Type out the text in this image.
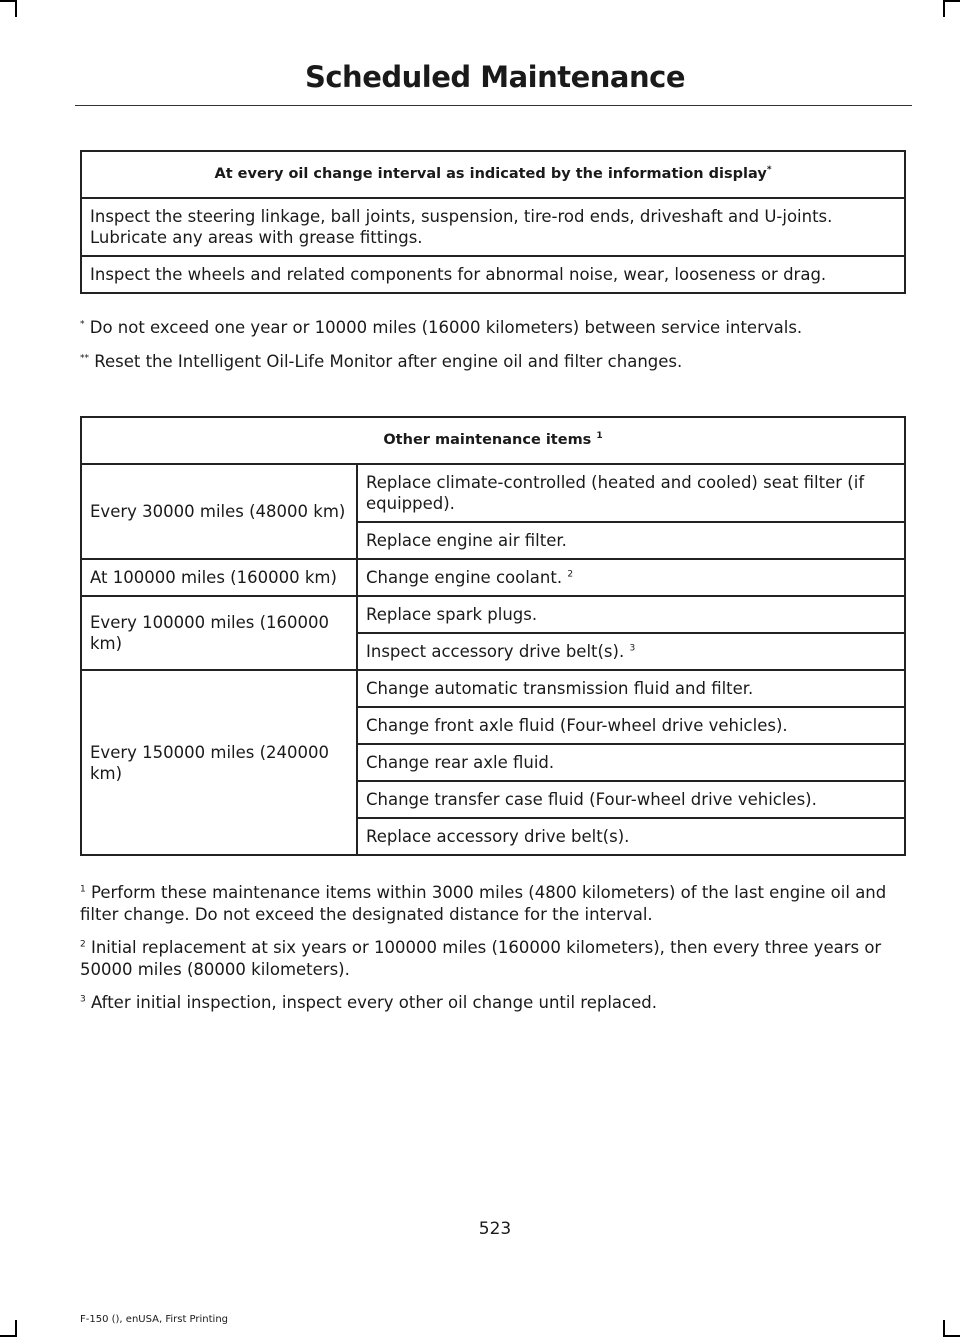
Scheduled Maintenance
At every oil change interval as indicated by the information display*
Inspect the steering linkage, ball joints, suspension, tire-rod ends, driveshaft and U-joints. Lubricate any areas with grease fittings.
Inspect the wheels and related components for abnormal noise, wear, looseness or drag.

* Do not exceed one year or 10000 miles (16000 kilometers) between service intervals.

** Reset the Intelligent Oil-Life Monitor after engine oil and filter changes.

Other maintenance items $^1$
Every 30000 miles (48000 km)	Replace climate-controlled (heated and cooled) seat filter (if equipped).
	Replace engine air filter.
At 100000 miles (160000 km)	Change engine coolant. $^2$
Every 100000 miles (160000 km)	Replace spark plugs.
	Inspect accessory drive belt(s). $^3$
Every 150000 miles (240000 km)	Change automatic transmission fluid and filter.
	Change front axle fluid (Four-wheel drive vehicles).
	Change rear axle fluid.
	Change transfer case fluid (Four-wheel drive vehicles).
	Replace accessory drive belt(s).

$^1$ Perform these maintenance items within 3000 miles (4800 kilometers) of the last engine oil and filter change. Do not exceed the designated distance for the interval.

$^2$ Initial replacement at six years or 100000 miles (160000 kilometers), then every three years or 50000 miles (80000 kilometers).

$^3$ After initial inspection, inspect every other oil change until replaced.

523
F-150 (), enUSA, First Printing
